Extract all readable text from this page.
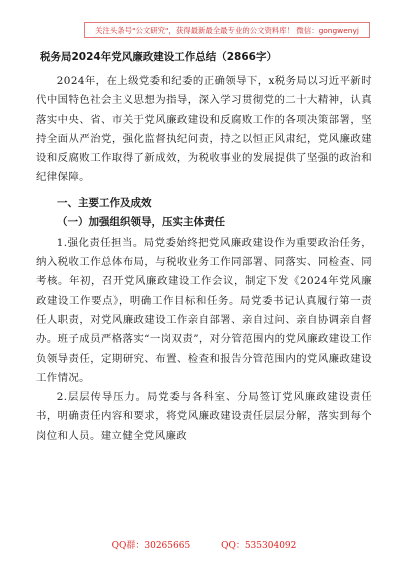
关注头条号"公文研究"，获得最新最全最专业的公文资料库！ 微信：gongwenyj
税务局2024年党风廉政建设工作总结（2866字）

2024年，在上级党委和纪委的正确领导下，x税务局以习近平新时代中国特色社会主义思想为指导，深入学习贯彻党的二十大精神，认真落实中央、省、市关于党风廉政建设和反腐败工作的各项决策部署，坚持全面从严治党，强化监督执纪问责，持之以恒正风肃纪，党风廉政建设和反腐败工作取得了新成效，为税收事业的发展提供了坚强的政治和纪律保障。

一、主要工作及成效
（一）加强组织领导，压实主体责任

1.强化责任担当。局党委始终把党风廉政建设作为重要政治任务，纳入税收工作总体布局，与税收业务工作同部署、同落实、同检查、同考核。年初，召开党风廉政建设工作会议，制定下发《2024年党风廉政建设工作要点》，明确工作目标和任务。局党委书记认真履行第一责任人职责，对党风廉政建设工作亲自部署、亲自过问、亲自协调亲自督办。班子成员严格落实“一岗双责”，对分管范围内的党风廉政建设工作负领导责任，定期研究、布置、检查和报告分管范围内的党风廉政建设工作情况。

2.层层传导压力。局党委与各科室、分局签订党风廉政建设责任书，明确责任内容和要求，将党风廉政建设责任层层分解，落实到每个岗位和人员。建立健全党风廉政

QQ群：30265665	QQ：535304092
